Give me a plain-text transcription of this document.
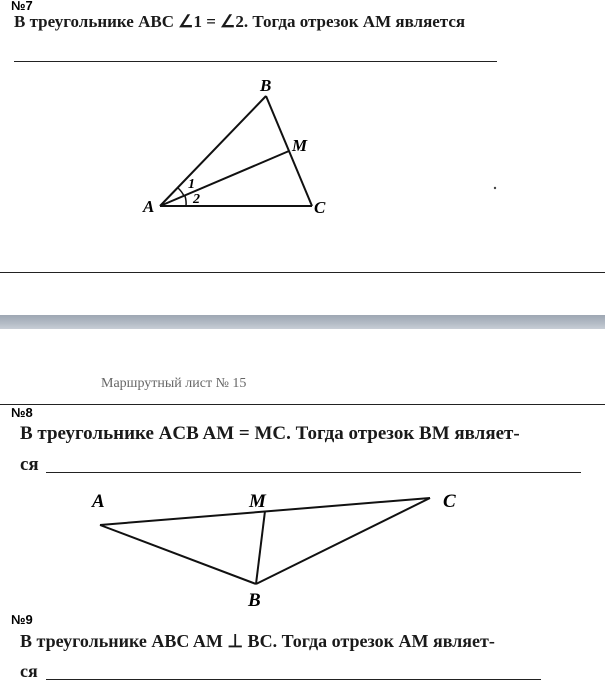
№7
В треугольнике ABC ∠1 = ∠2. Тогда отрезок AM является
A
B
C
M
1
2
Маршрутный лист № 15
№8
В треугольнике ACB AM = MC. Тогда отрезок BM являет-
ся
A	M	C
B
№9
В треугольнике ABC AM ⊥ BC. Тогда отрезок AM являет-
ся
